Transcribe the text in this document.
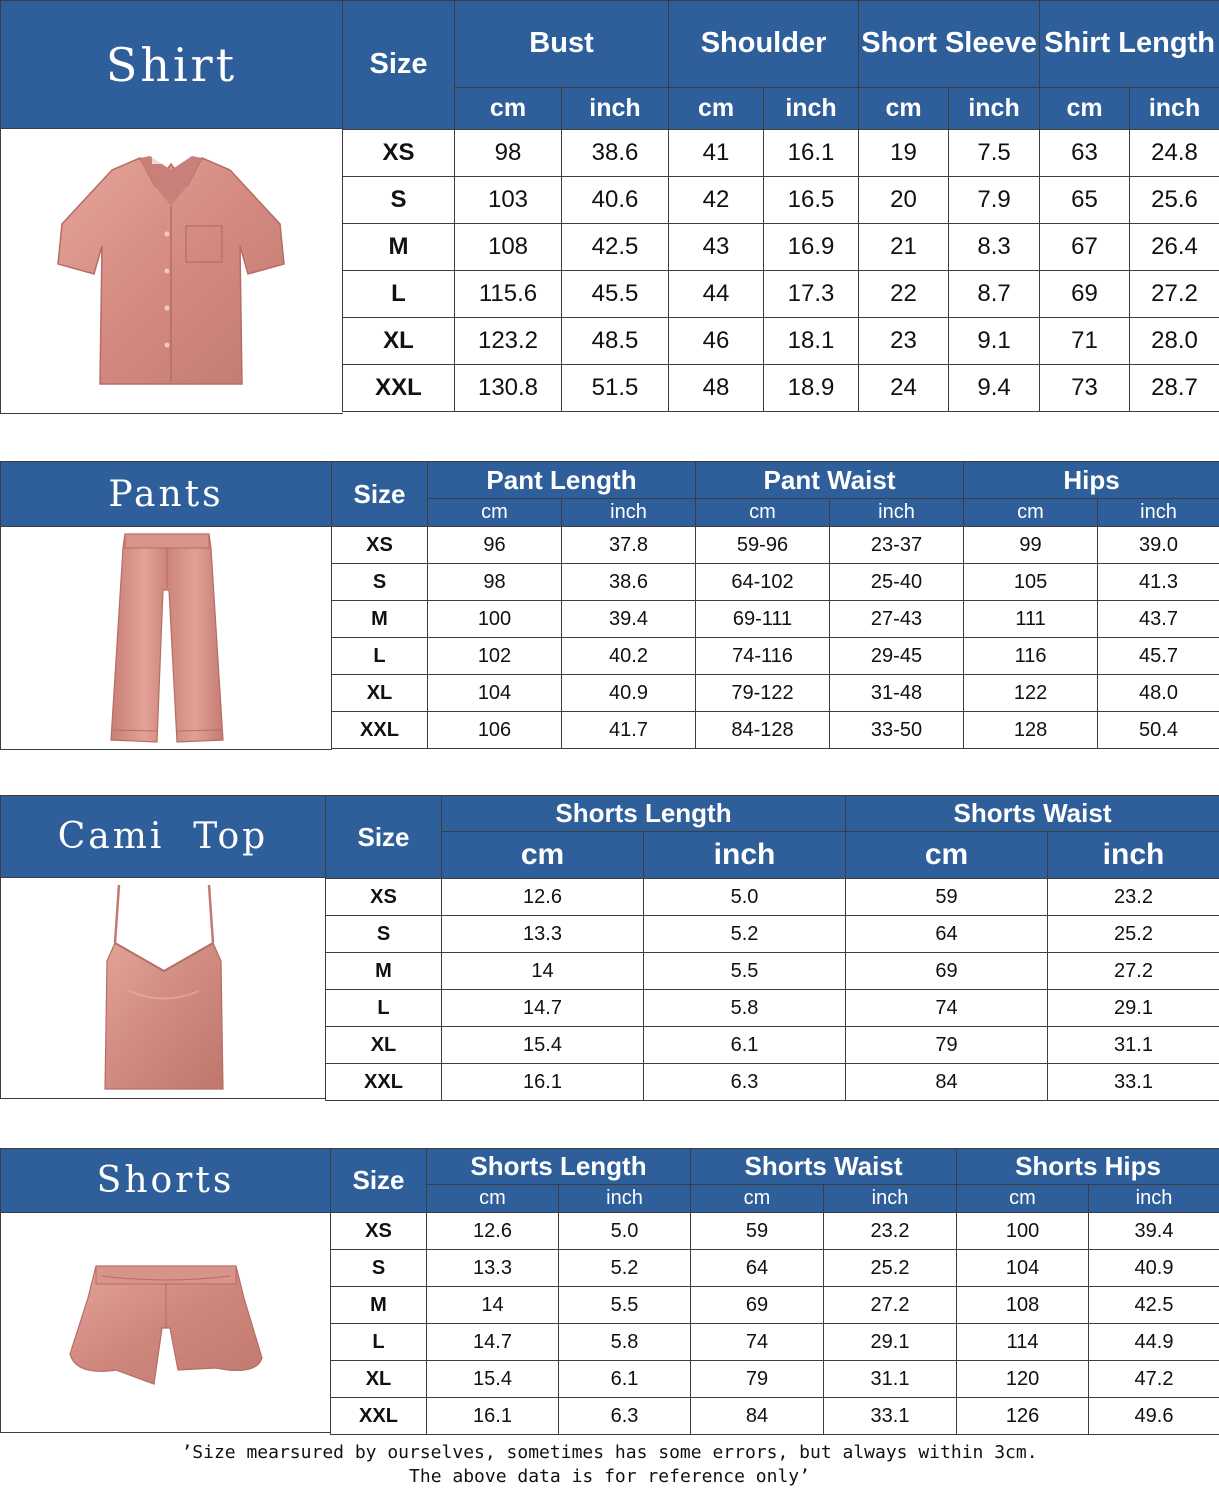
Shirt	Size	Bust		Shoulder		Short Sleeve		Shirt Length	
	cm	inch	cm	inch	cm	inch	cm	inch
XS	98	38.6	41	16.1	19	7.5	63	24.8
S	103	40.6	42	16.5	20	7.9	65	25.6
M	108	42.5	43	16.9	21	8.3	67	26.4
L	115.6	45.5	44	17.3	22	8.7	69	27.2
XL	123.2	48.5	46	18.1	23	9.1	71	28.0
XXL	130.8	51.5	48	18.9	24	9.4	73	28.7
Pants	Size	Pant Length		Pant Waist		Hips	
	cm	inch	cm	inch	cm	inch
XS	96	37.8	59-96	23-37	99	39.0
S	98	38.6	64-102	25-40	105	41.3
M	100	39.4	69-111	27-43	111	43.7
L	102	40.2	74-116	29-45	116	45.7
XL	104	40.9	79-122	31-48	122	48.0
XXL	106	41.7	84-128	33-50	128	50.4
Cami  Top	Size	Shorts Length		Shorts Waist	
	cm	inch	cm	inch
XS	12.6	5.0	59	23.2
S	13.3	5.2	64	25.2
M	14	5.5	69	27.2
L	14.7	5.8	74	29.1
XL	15.4	6.1	79	31.1
XXL	16.1	6.3	84	33.1
Shorts	Size	Shorts Length		Shorts Waist		Shorts Hips	
	cm	inch	cm	inch	cm	inch
XS	12.6	5.0	59	23.2	100	39.4
S	13.3	5.2	64	25.2	104	40.9
M	14	5.5	69	27.2	108	42.5
L	14.7	5.8	74	29.1	114	44.9
XL	15.4	6.1	79	31.1	120	47.2
XXL	16.1	6.3	84	33.1	126	49.6
’Size mearsured by ourselves, sometimes has some errors, but always within 3cm.
The above data is for reference only’
